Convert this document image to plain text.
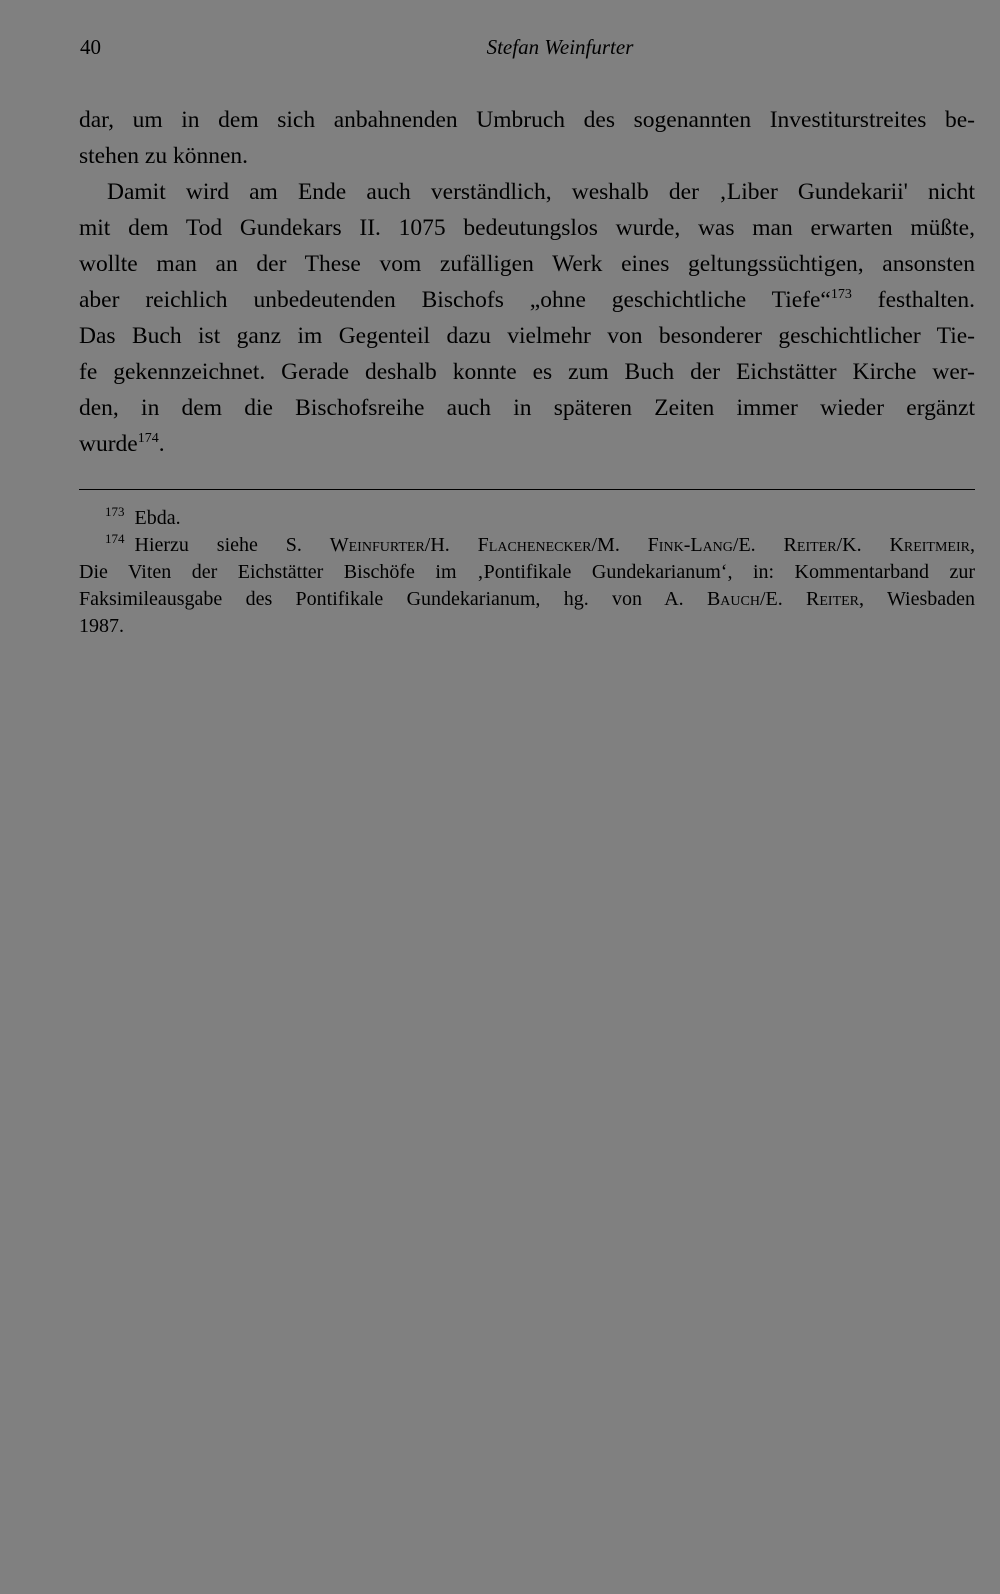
40	Stefan Weinfurter
dar, um in dem sich anbahnenden Umbruch des sogenannten Investiturstreites be-
stehen zu können.
Damit wird am Ende auch verständlich, weshalb der ‚Liber Gundekarii' nicht
mit dem Tod Gundekars II. 1075 bedeutungslos wurde, was man erwarten müßte,
wollte man an der These vom zufälligen Werk eines geltungssüchtigen, ansonsten
aber reichlich unbedeutenden Bischofs „ohne geschichtliche Tiefe“$^{173}$ festhalten.
Das Buch ist ganz im Gegenteil dazu vielmehr von besonderer geschichtlicher Tie-
fe gekennzeichnet. Gerade deshalb konnte es zum Buch der Eichstätter Kirche wer-
den, in dem die Bischofsreihe auch in späteren Zeiten immer wieder ergänzt
wurde$^{174}$.
$^{173}$ Ebda.
$^{174}$ Hierzu siehe S. Weinfurter/H. Flachenecker/M. Fink-Lang/E. Reiter/K. Kreitmeir,
Die Viten der Eichstätter Bischöfe im ‚Pontifikale Gundekarianum‘, in: Kommentarband zur
Faksimileausgabe des Pontifikale Gundekarianum, hg. von A. Bauch/E. Reiter, Wiesbaden
1987.
